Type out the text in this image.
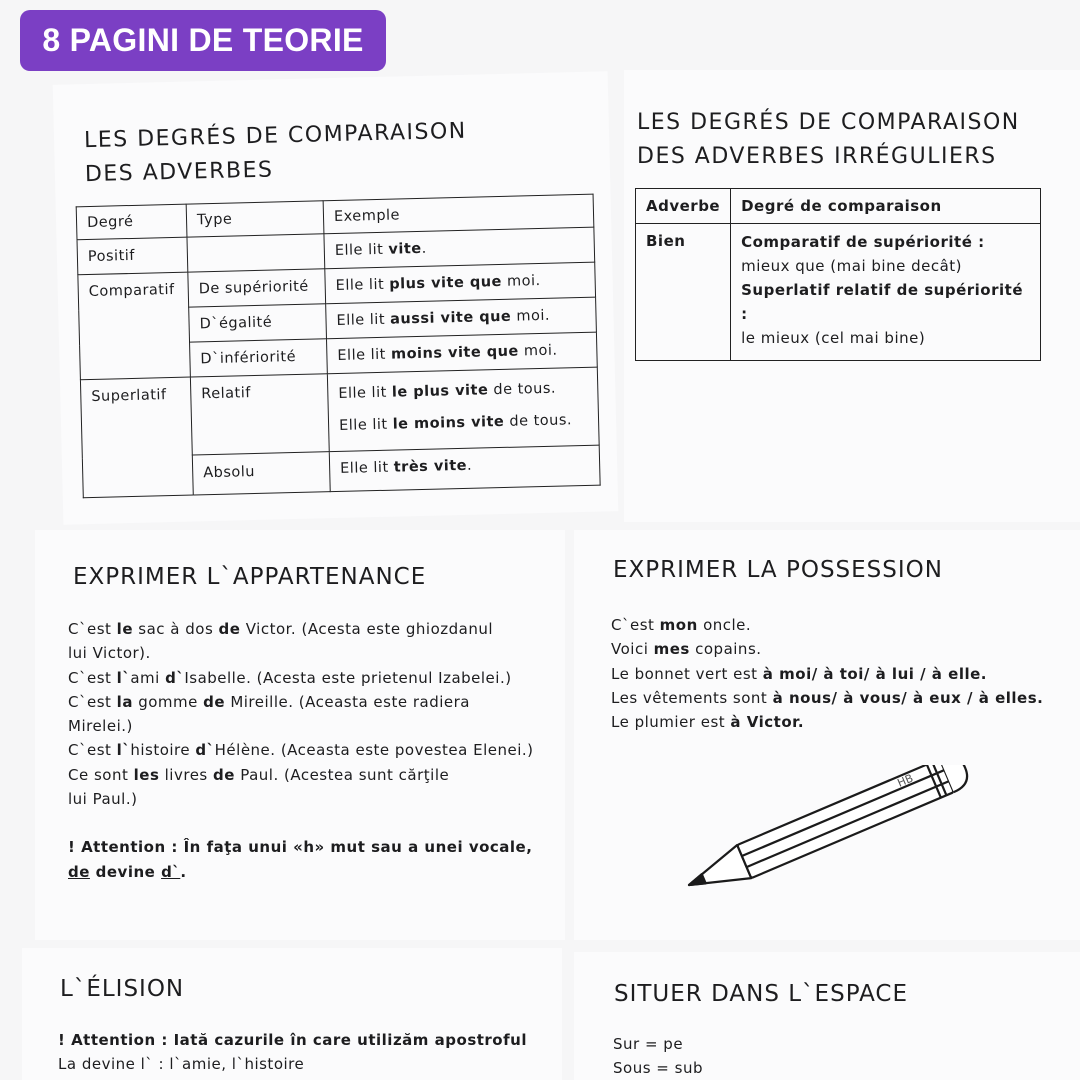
8 PAGINI DE TEORIE
LES DEGRÉS DE COMPARAISON
DES ADVERBES
Degré	Type	Exemple
Positif		Elle lit vite.
Comparatif	De supériorité	Elle lit plus vite que moi.
	D`égalité	Elle lit aussi vite que moi.
	D`infériorité	Elle lit moins vite que moi.
Superlatif	Relatif	Elle lit le plus vite de tous.
Elle lit le moins vite de tous.

	Absolu	Elle lit très vite.
LES DEGRÉS DE COMPARAISON
DES ADVERBES IRRÉGULIERS
Adverbe	Degré de comparaison
Bien	Comparatif de supériorité :
mieux que (mai bine decât)
Superlatif relatif de supériorité :
le mieux (cel mai bine)
EXPRIMER L`APPARTENANCE

C`est le sac à dos de Victor. (Acesta este ghiozdanul

lui Victor).

C`est l`ami d`Isabelle. (Acesta este prietenul Izabelei.)

C`est la gomme de Mireille. (Aceasta este radiera

Mirelei.)

C`est l`histoire d`Hélène. (Aceasta este povestea Elenei.)

Ce sont les livres de Paul. (Acestea sunt cărţile

lui Paul.)

! Attention : În faţa unui «h» mut sau a unei vocale,

de devine d`.

EXPRIMER LA POSSESSION

C`est mon oncle.

Voici mes copains.

Le bonnet vert est à moi/ à toi/ à lui / à elle.

Les vêtements sont à nous/ à vous/ à eux / à elles.

Le plumier est à Victor.

HB
L`ÉLISION

! Attention : Iată cazurile în care utilizăm apostroful

La devine l` : l`amie, l`histoire

SITUER DANS L`ESPACE

Sur = pe

Sous = sub
